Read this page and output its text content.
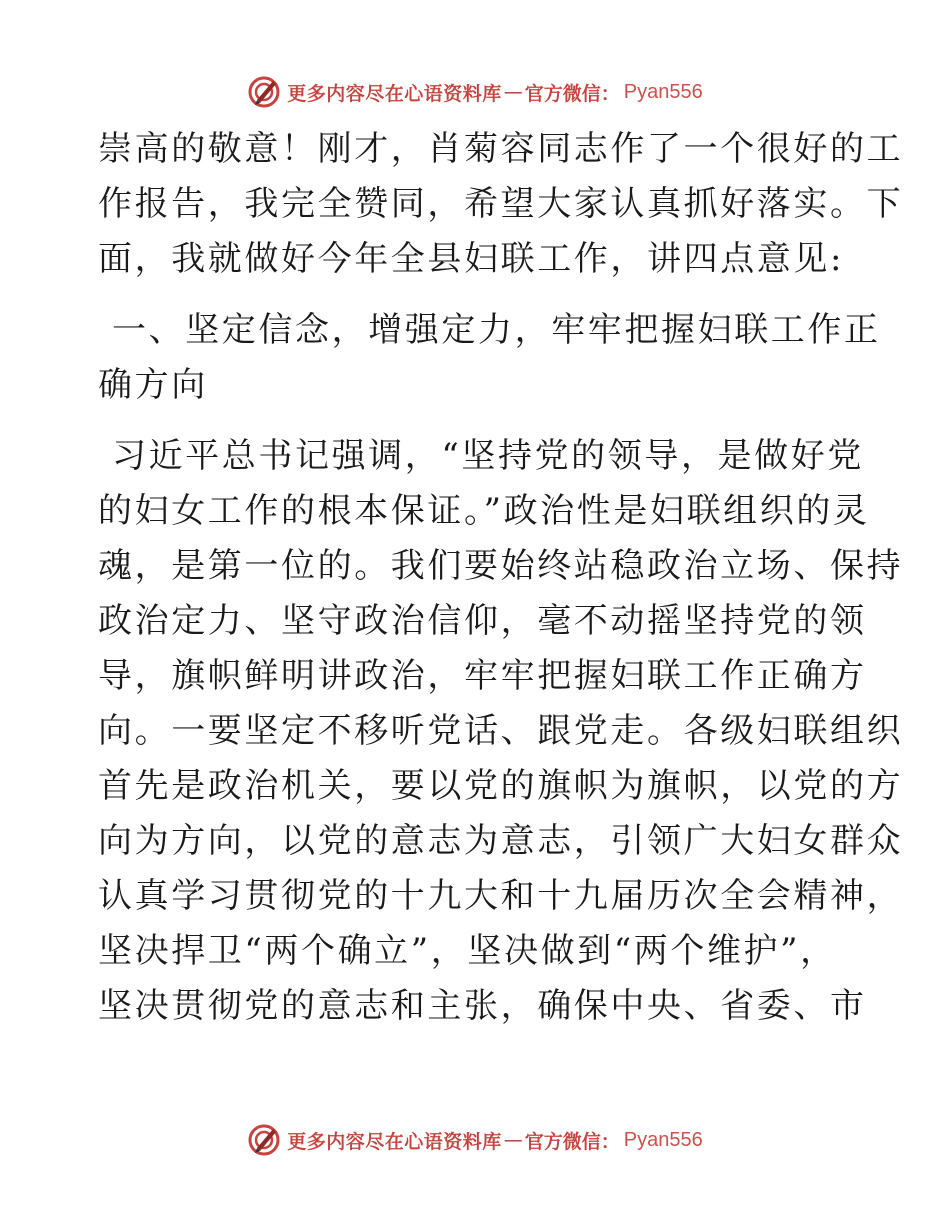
更多内容尽在心语资料库 — 官方微信： Pyan556
崇高的敬意！刚才，肖菊容同志作了一个很好的工
作报告，我完全赞同，希望大家认真抓好落实。下
面，我就做好今年全县妇联工作，讲四点意见:
一、坚定信念，增强定力，牢牢把握妇联工作正
确方向
习近平总书记强调，“坚持党的领导，是做好党
的妇女工作的根本保证。”政治性是妇联组织的灵
魂，是第一位的。我们要始终站稳政治立场、保持
政治定力、坚守政治信仰，毫不动摇坚持党的领
导，旗帜鲜明讲政治，牢牢把握妇联工作正确方
向。一要坚定不移听党话、跟党走。各级妇联组织
首先是政治机关，要以党的旗帜为旗帜，以党的方
向为方向，以党的意志为意志，引领广大妇女群众
认真学习贯彻党的十九大和十九届历次全会精神，
坚决捍卫“两个确立”，坚决做到“两个维护”，
坚决贯彻党的意志和主张，确保中央、省委、市
更多内容尽在心语资料库 — 官方微信： Pyan556
